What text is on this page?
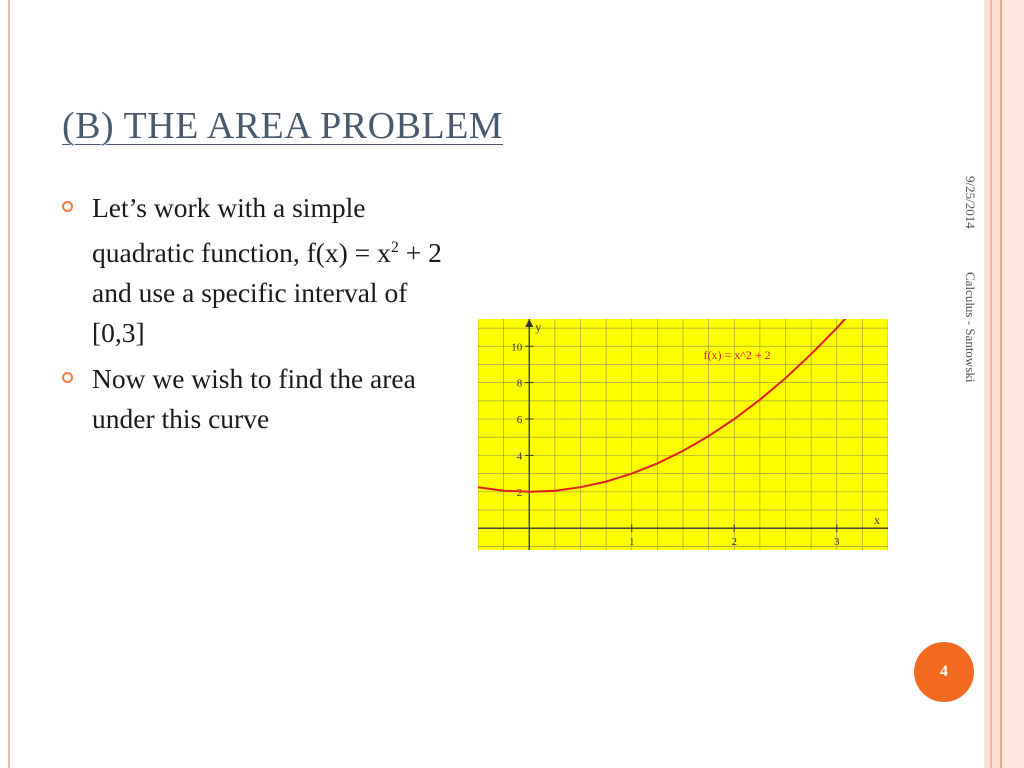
(B) THE AREA PROBLEM

Let’s work with a simple quadratic function, $f(x) = x^2 + 2$ and use a specific interval of [0,3]

Now we wish to find the area under this curve

9/25/2014 Calculus - Santowski
4
2
4
6
8
10
1	2	3
x
y
f(x) = x^2 + 2
